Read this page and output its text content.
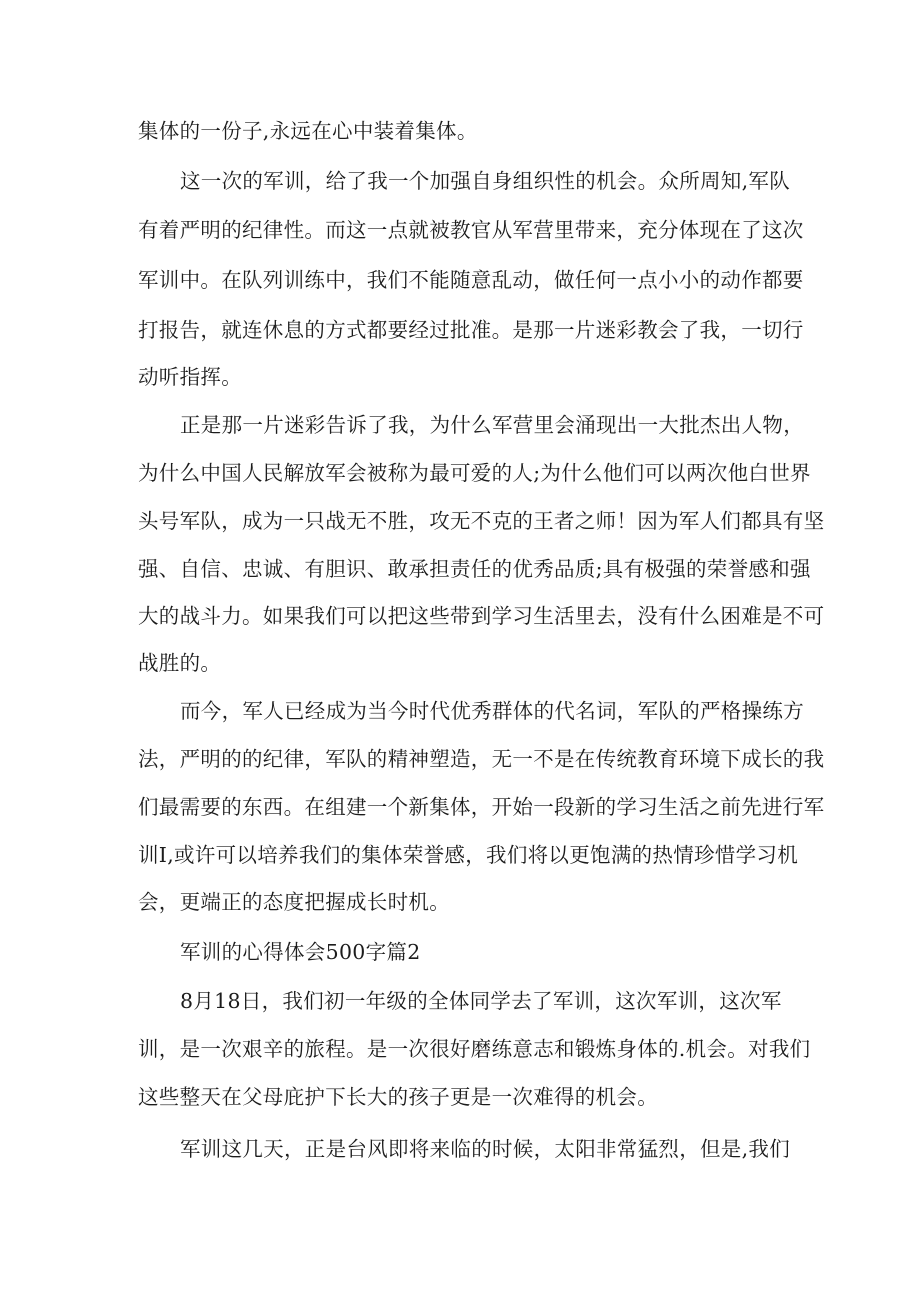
集体的一份子,永远在心中装着集体。
这一次的军训，给了我一个加强自身组织性的机会。众所周知,军队
有着严明的纪律性。而这一点就被教官从军营里带来，充分体现在了这次
军训中。在队列训练中，我们不能随意乱动，做任何一点小小的动作都要
打报告，就连休息的方式都要经过批准。是那一片迷彩教会了我，一切行
动听指挥。
正是那一片迷彩告诉了我，为什么军营里会涌现出一大批杰出人物，
为什么中国人民解放军会被称为最可爱的人;为什么他们可以两次他白世界
头号军队，成为一只战无不胜，攻无不克的王者之师！因为军人们都具有坚
强、自信、忠诚、有胆识、敢承担责任的优秀品质;具有极强的荣誉感和强
大的战斗力。如果我们可以把这些带到学习生活里去，没有什么困难是不可
战胜的。
而今，军人已经成为当今时代优秀群体的代名词，军队的严格操练方
法，严明的的纪律，军队的精神塑造，无一不是在传统教育环境下成长的我
们最需要的东西。在组建一个新集体，开始一段新的学习生活之前先进行军
训I,或许可以培养我们的集体荣誉感，我们将以更饱满的热情珍惜学习机
会，更端正的态度把握成长时机。
军训的心得体会500字篇2
8月18日，我们初一年级的全体同学去了军训，这次军训，这次军
训，是一次艰辛的旅程。是一次很好磨练意志和锻炼身体的.机会。对我们
这些整天在父母庇护下长大的孩子更是一次难得的机会。
军训这几天，正是台风即将来临的时候，太阳非常猛烈，但是,我们
